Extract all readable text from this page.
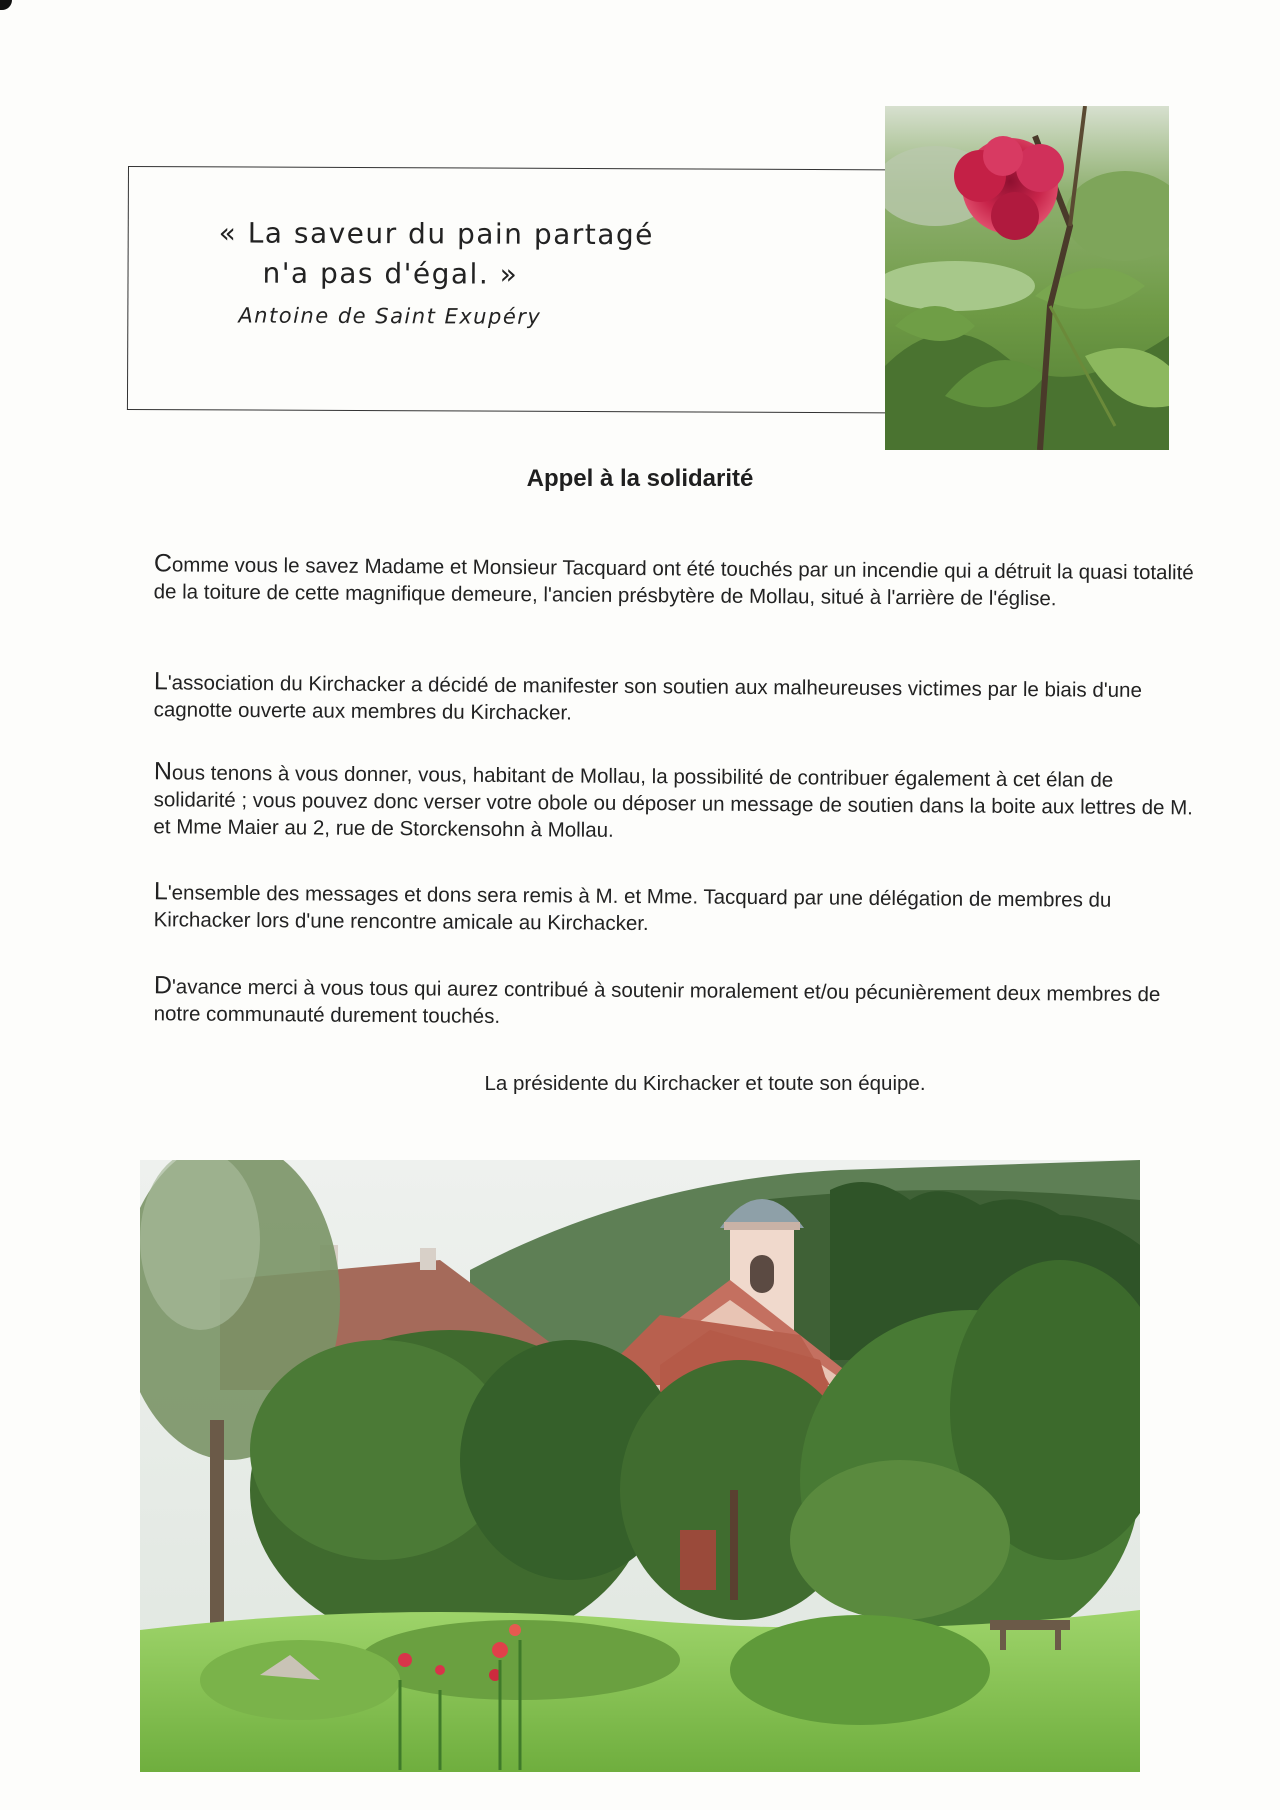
« La saveur du pain partagé
n'a pas d'égal. »

Antoine de Saint Exupéry
Appel à la solidarité

Comme vous le savez Madame et Monsieur Tacquard ont été touchés par un incendie qui a détruit la quasi totalité de la toiture de cette magnifique demeure, l'ancien présbytère de Mollau, situé à l'arrière de l'église.

L'association du Kirchacker a décidé de manifester son soutien aux malheureuses victimes par le biais d'une cagnotte ouverte aux membres du Kirchacker.

Nous tenons à vous donner, vous, habitant de Mollau, la possibilité de contribuer également à cet élan de solidarité ; vous pouvez donc verser votre obole ou déposer un message de soutien dans la boite aux lettres de M. et Mme Maier au 2, rue de Storckensohn à Mollau.

L'ensemble des messages et dons sera remis à M. et Mme. Tacquard par une délégation de membres du Kirchacker lors d'une rencontre amicale au Kirchacker.

D'avance merci à vous tous qui aurez contribué à soutenir moralement et/ou pécunièrement deux membres de notre communauté durement touchés.

La présidente du Kirchacker et toute son équipe.
